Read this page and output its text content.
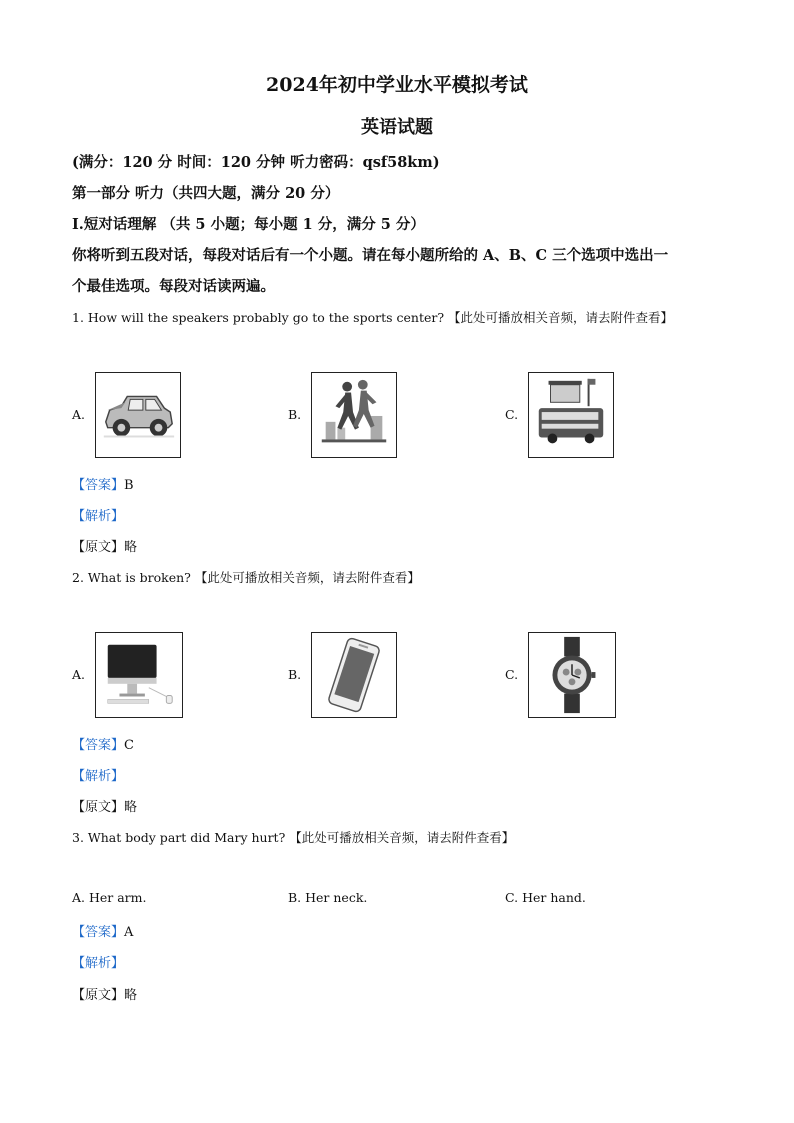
2024年初中学业水平模拟考试
英语试题
(满分：120 分 时间：120 分钟 听力密码：qsf58km)
第一部分 听力（共四大题，满分 20 分）
Ⅰ.短对话理解 （共 5 小题；每小题 1 分，满分 5 分）
你将听到五段对话，每段对话后有一个小题。请在每小题所给的 A、B、C 三个选项中选出一
个最佳选项。每段对话读两遍。
1. How will the speakers probably go to the sports center? 【此处可播放相关音频，请去附件查看】
A.	B.	C.
【答案】B
【解析】
【原文】略
2. What is broken? 【此处可播放相关音频，请去附件查看】
A.	B.	C.
【答案】C
【解析】
【原文】略
3. What body part did Mary hurt? 【此处可播放相关音频，请去附件查看】
A. Her arm.	B. Her neck.	C. Her hand.
【答案】A
【解析】
【原文】略
